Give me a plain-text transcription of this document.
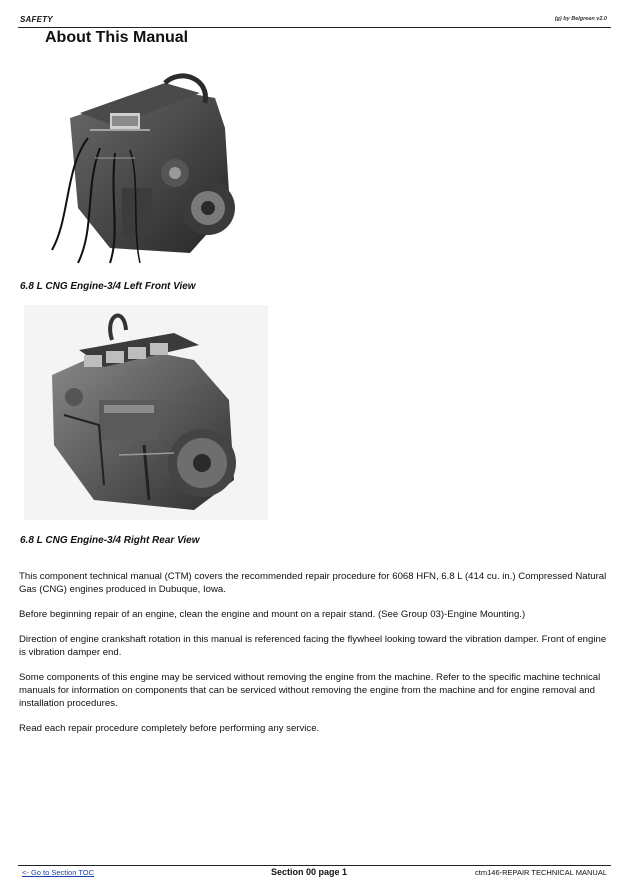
SAFETY	(g) by Belgreen v2.0
About This Manual
6.8 L CNG Engine-3/4 Left Front View
6.8 L CNG Engine-3/4 Right Rear View

This component technical manual (CTM) covers the recommended repair procedure for 6068 HFN, 6.8 L (414 cu. in.) Compressed Natural Gas (CNG) engines produced in Dubuque, Iowa.

Before beginning repair of an engine, clean the engine and mount on a repair stand. (See Group 03)-Engine Mounting.)

Direction of engine crankshaft rotation in this manual is referenced facing the flywheel looking toward the vibration damper. Front of engine is vibration damper end.

Some components of this engine may be serviced without removing the engine from the machine. Refer to the specific machine technical manuals for information on components that can be serviced without removing the engine from the machine and for engine removal and installation procedures.

Read each repair procedure completely before performing any service.

<- Go to Section TOC	Section 00 page 1	ctm146-REPAIR TECHNICAL MANUAL
